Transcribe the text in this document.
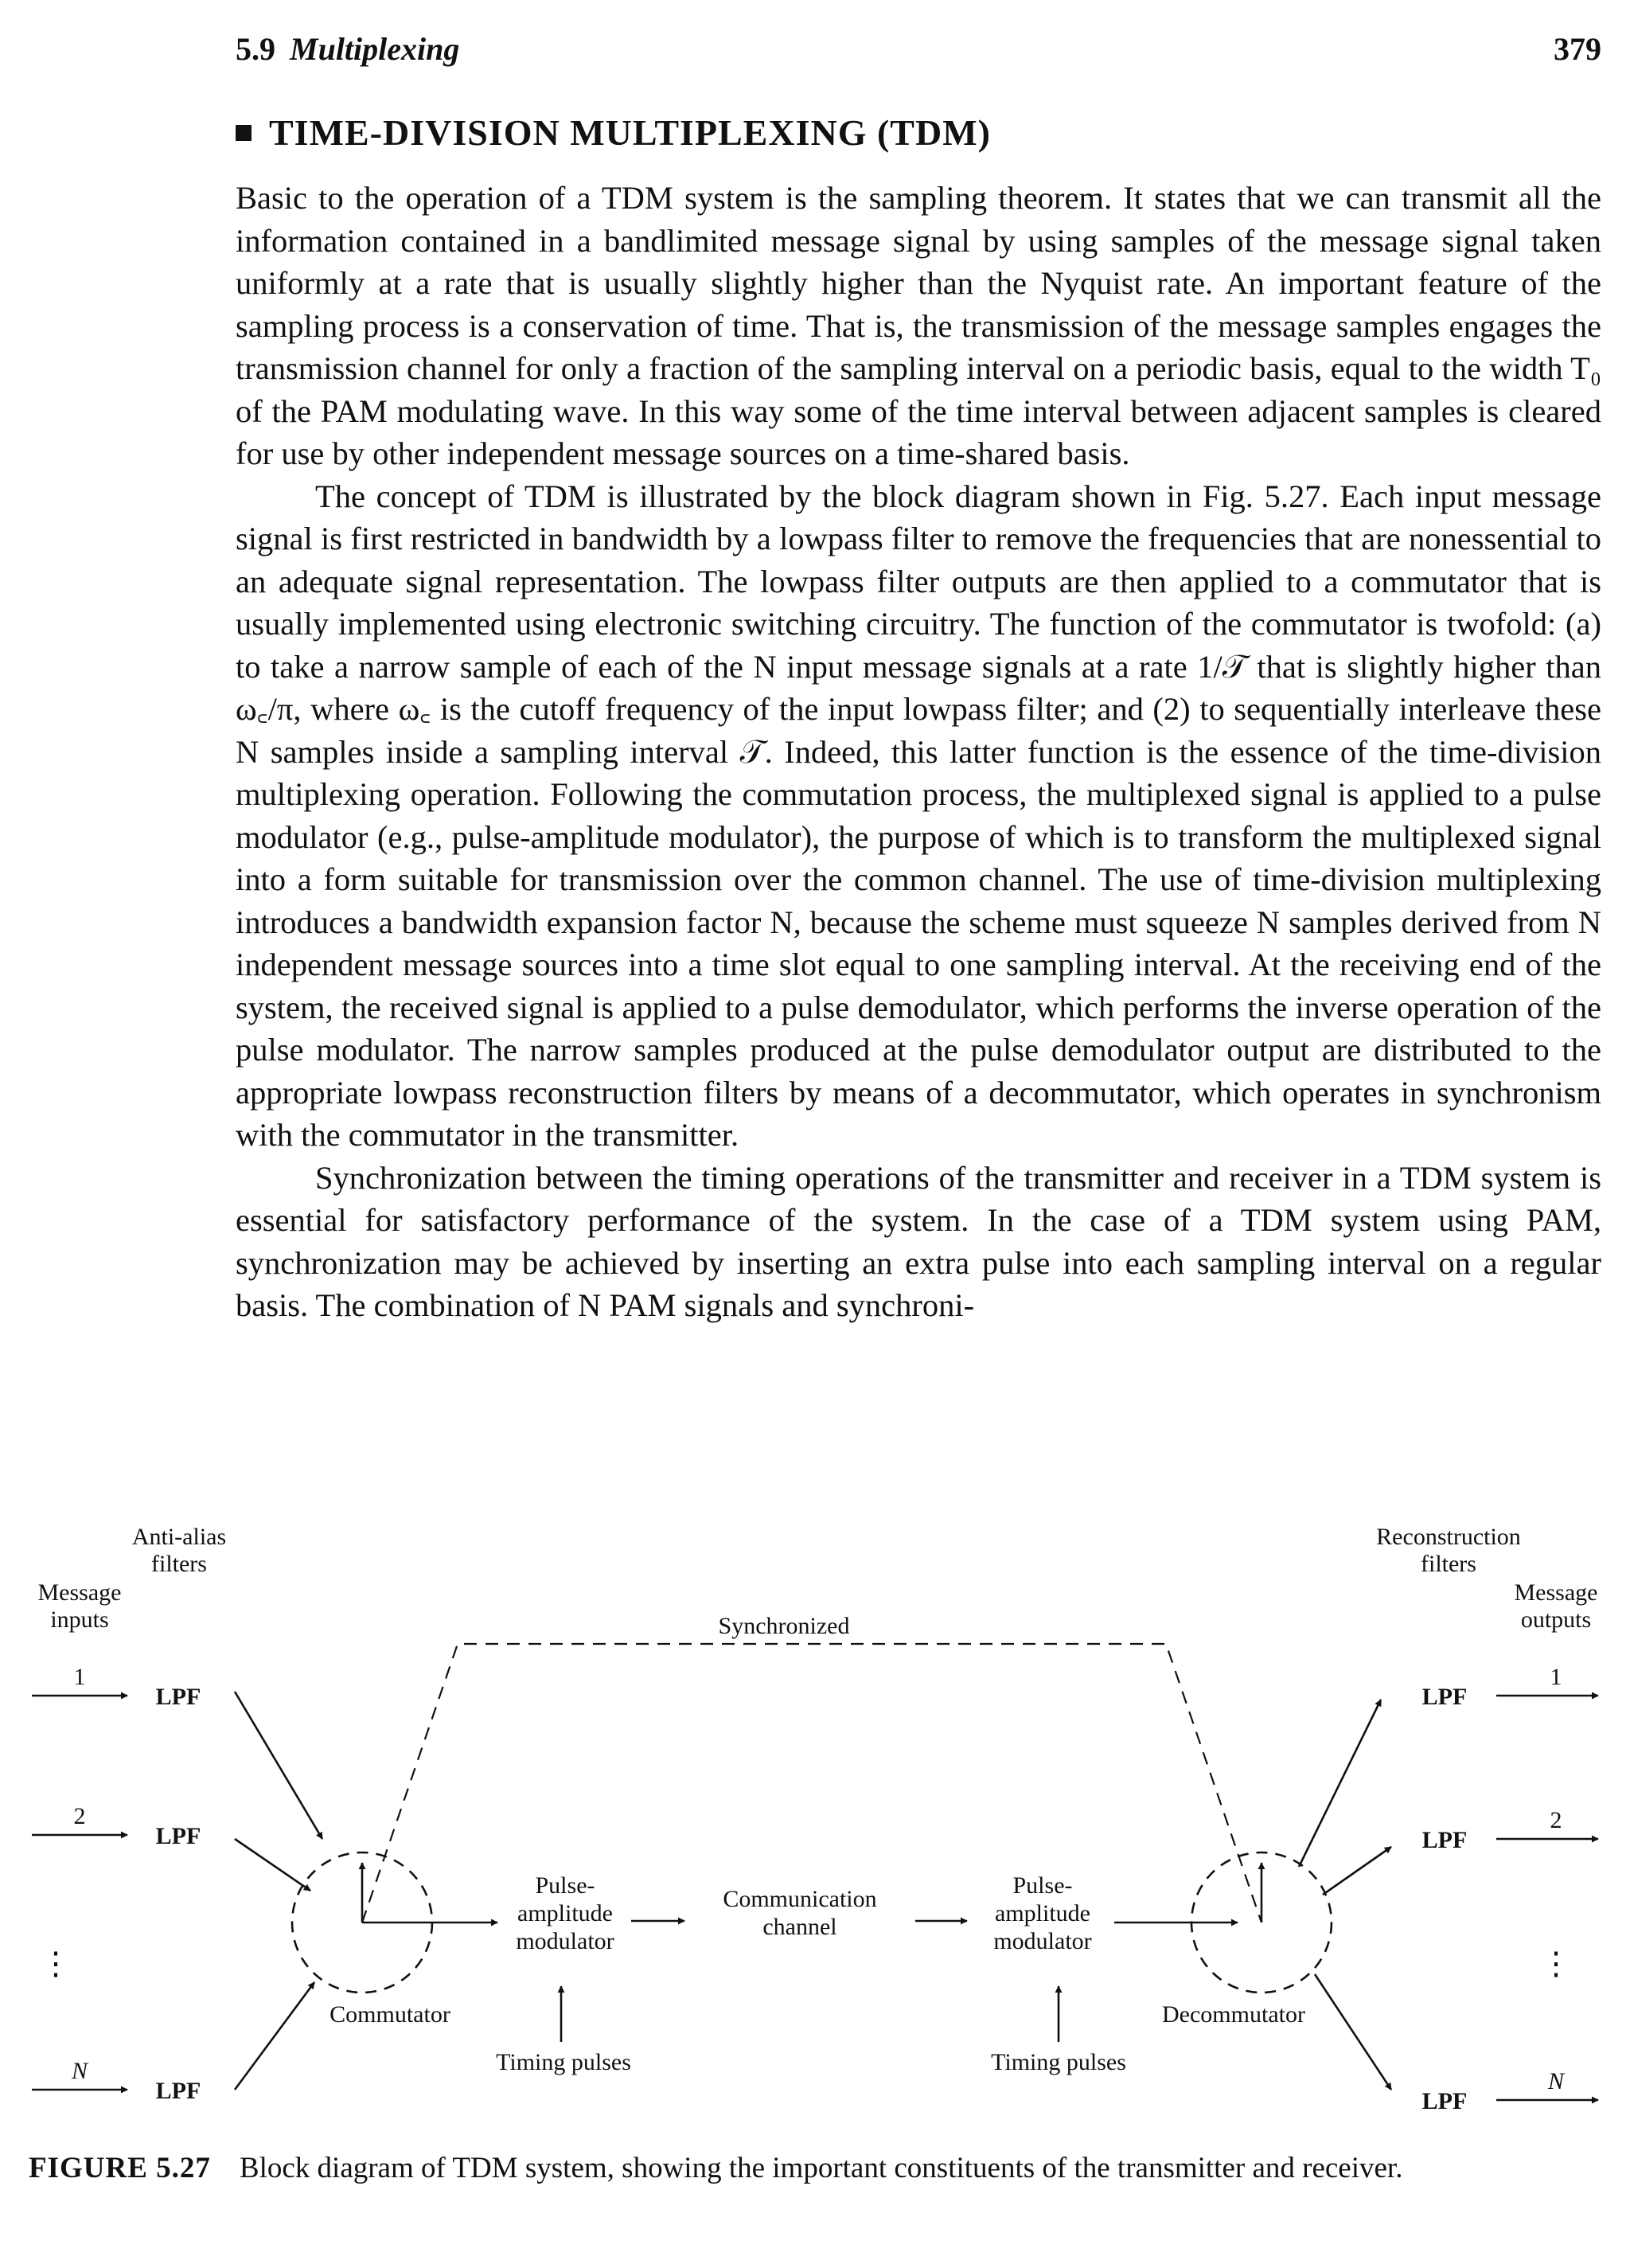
5.9 Multiplexing	379
TIME-DIVISION MULTIPLEXING (TDM)

Basic to the operation of a TDM system is the sampling theorem. It states that we can transmit all the information contained in a bandlimited message signal by using samples of the message signal taken uniformly at a rate that is usually slightly higher than the Nyquist rate. An important feature of the sampling process is a conservation of time. That is, the transmission of the message samples engages the transmission channel for only a fraction of the sampling interval on a periodic basis, equal to the width T₀ of the PAM modulating wave. In this way some of the time interval between adjacent samples is cleared for use by other independent message sources on a time-shared basis.

The concept of TDM is illustrated by the block diagram shown in Fig. 5.27. Each input message signal is first restricted in bandwidth by a lowpass filter to remove the frequencies that are nonessential to an adequate signal representation. The lowpass filter outputs are then applied to a commutator that is usually implemented using electronic switching circuitry. The function of the commutator is twofold: (a) to take a narrow sample of each of the N input message signals at a rate 1/𝒯 that is slightly higher than ω꜀/π, where ω꜀ is the cutoff frequency of the input lowpass filter; and (2) to sequentially interleave these N samples inside a sampling interval 𝒯. Indeed, this latter function is the essence of the time-division multiplexing operation. Following the commutation process, the multiplexed signal is applied to a pulse modulator (e.g., pulse-amplitude modulator), the purpose of which is to transform the multiplexed signal into a form suitable for transmission over the common channel. The use of time-division multiplexing introduces a bandwidth expansion factor N, because the scheme must squeeze N samples derived from N independent message sources into a time slot equal to one sampling interval. At the receiving end of the system, the received signal is applied to a pulse demodulator, which performs the inverse operation of the pulse modulator. The narrow samples produced at the pulse demodulator output are distributed to the appropriate lowpass reconstruction filters by means of a decommutator, which operates in synchronism with the commutator in the transmitter.

Synchronization between the timing operations of the transmitter and receiver in a TDM system is essential for satisfactory performance of the system. In the case of a TDM system using PAM, synchronization may be achieved by inserting an extra pulse into each sampling interval on a regular basis. The combination of N PAM signals and synchroni-

Anti-alias
filters
Message
inputs
1
2
N
⋮
LPF
LPF
LPF
Synchronized
Pulse-
amplitude
modulator
Communication
channel
Pulse-
amplitude
modulator
Commutator	Decommutator
Timing pulses	Timing pulses
Reconstruction
filters
Message
outputs
1
2
N
⋮
LPF
LPF
LPF
FIGURE 5.27 Block diagram of TDM system, showing the important constituents of the transmitter and receiver.
